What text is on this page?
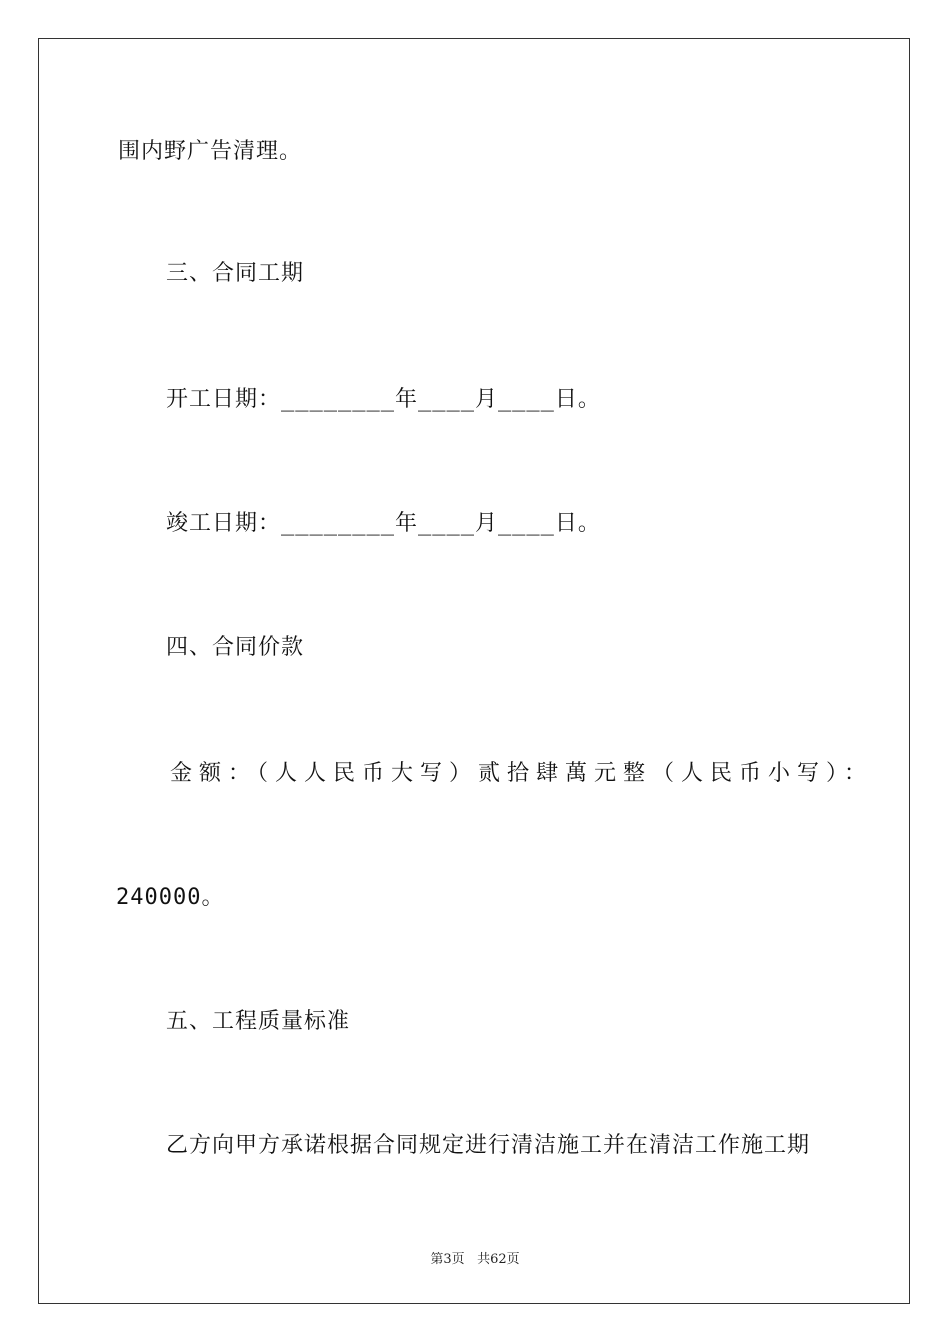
围内野广告清理。
三、合同工期
开工日期：________年____月____日。
竣工日期：________年____月____日。
四、合同价款
金额：（人人民币大写）贰拾肆萬元整（人民币小写）：
240000。
五、工程质量标准
乙方向甲方承诺根据合同规定进行清洁施工并在清洁工作施工期
第3页 共62页
